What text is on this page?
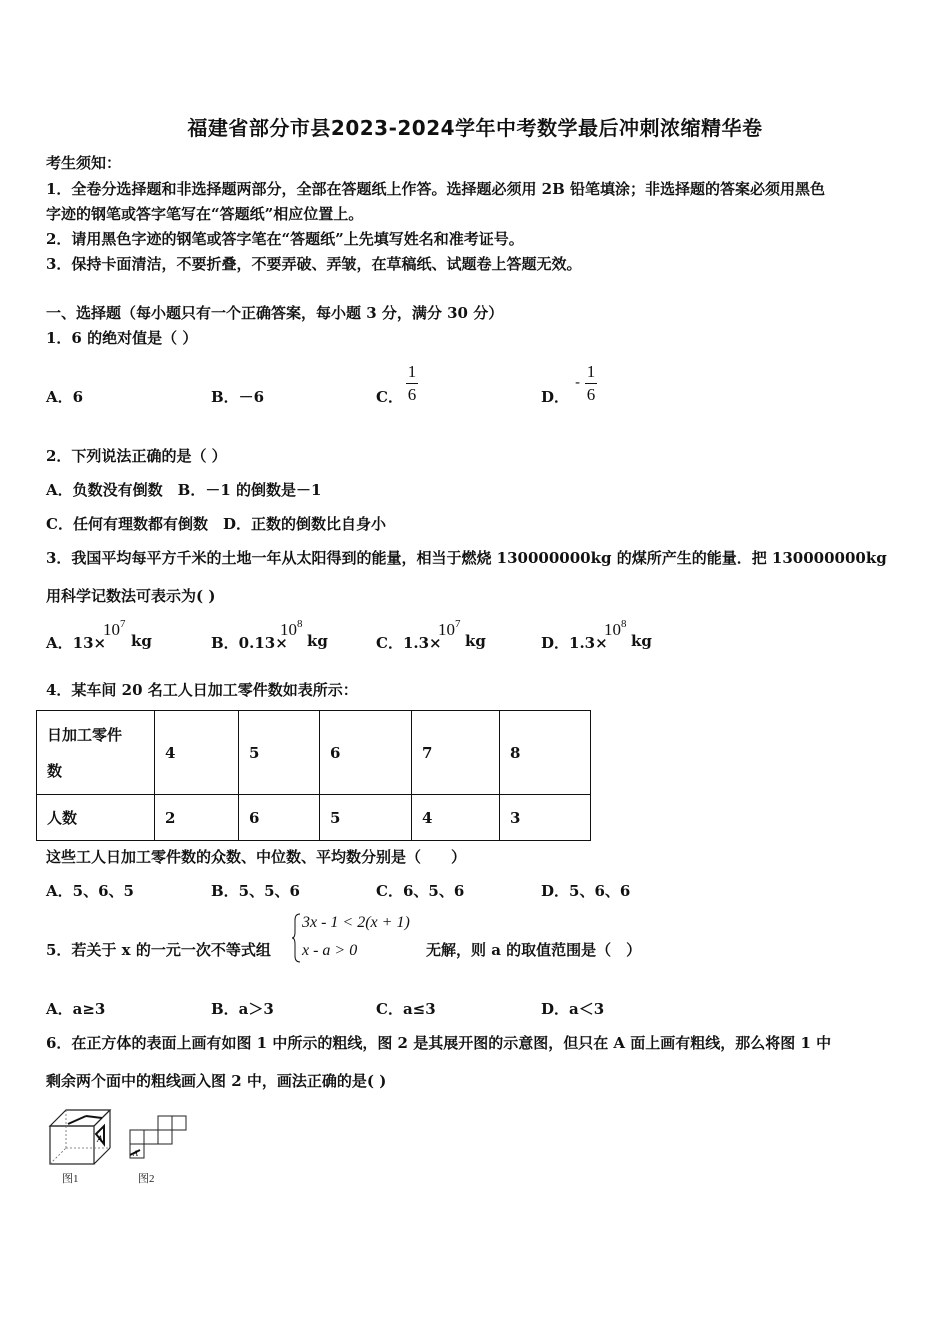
福建省部分市县2023-2024学年中考数学最后冲刺浓缩精华卷
考生须知：
1．全卷分选择题和非选择题两部分，全部在答题纸上作答。选择题必须用 2B 铅笔填涂；非选择题的答案必须用黑色
字迹的钢笔或答字笔写在“答题纸”相应位置上。
2．请用黑色字迹的钢笔或答字笔在“答题纸”上先填写姓名和准考证号。
3．保持卡面清洁，不要折叠，不要弄破、弄皱，在草稿纸、试题卷上答题无效。
一、选择题（每小题只有一个正确答案，每小题 3 分，满分 30 分）
1．6 的绝对值是（ ）
A．6	B．－6	C．
1
6	D．
-
1
6
2．下列说法正确的是（ ）
A．负数没有倒数　B．－1 的倒数是－1
C．任何有理数都有倒数　D．正数的倒数比自身小
3．我国平均每平方千米的土地一年从太阳得到的能量，相当于燃烧 130000000kg 的煤所产生的能量．把 130000000kg
用科学记数法可表示为( )
A．13×
$10^7$
kg	B．0.13×
$10^8$
kg	C．1.3×
$10^7$
kg	D．1.3×
$10^8$
kg
4．某车间 20 名工人日加工零件数如表所示：
日加工零件
数	4	5	6	7	8
人数	2	6	5	4	3
这些工人日加工零件数的众数、中位数、平均数分别是（　　）
A．5、6、5	B．5、5、6	C．6、5、6	D．5、6、6
5．若关于 x 的一元一次不等式组
3x - 1 < 2(x + 1)
x - a > 0	无解，则 a 的取值范围是（　）
A．a≥3	B．a＞3	C．a≤3	D．a＜3
6．在正方体的表面上画有如图 1 中所示的粗线，图 2 是其展开图的示意图，但只在 A 面上画有粗线，那么将图 1 中
剩余两个面中的粗线画入图 2 中，画法正确的是( )
A
图1
A
图2
